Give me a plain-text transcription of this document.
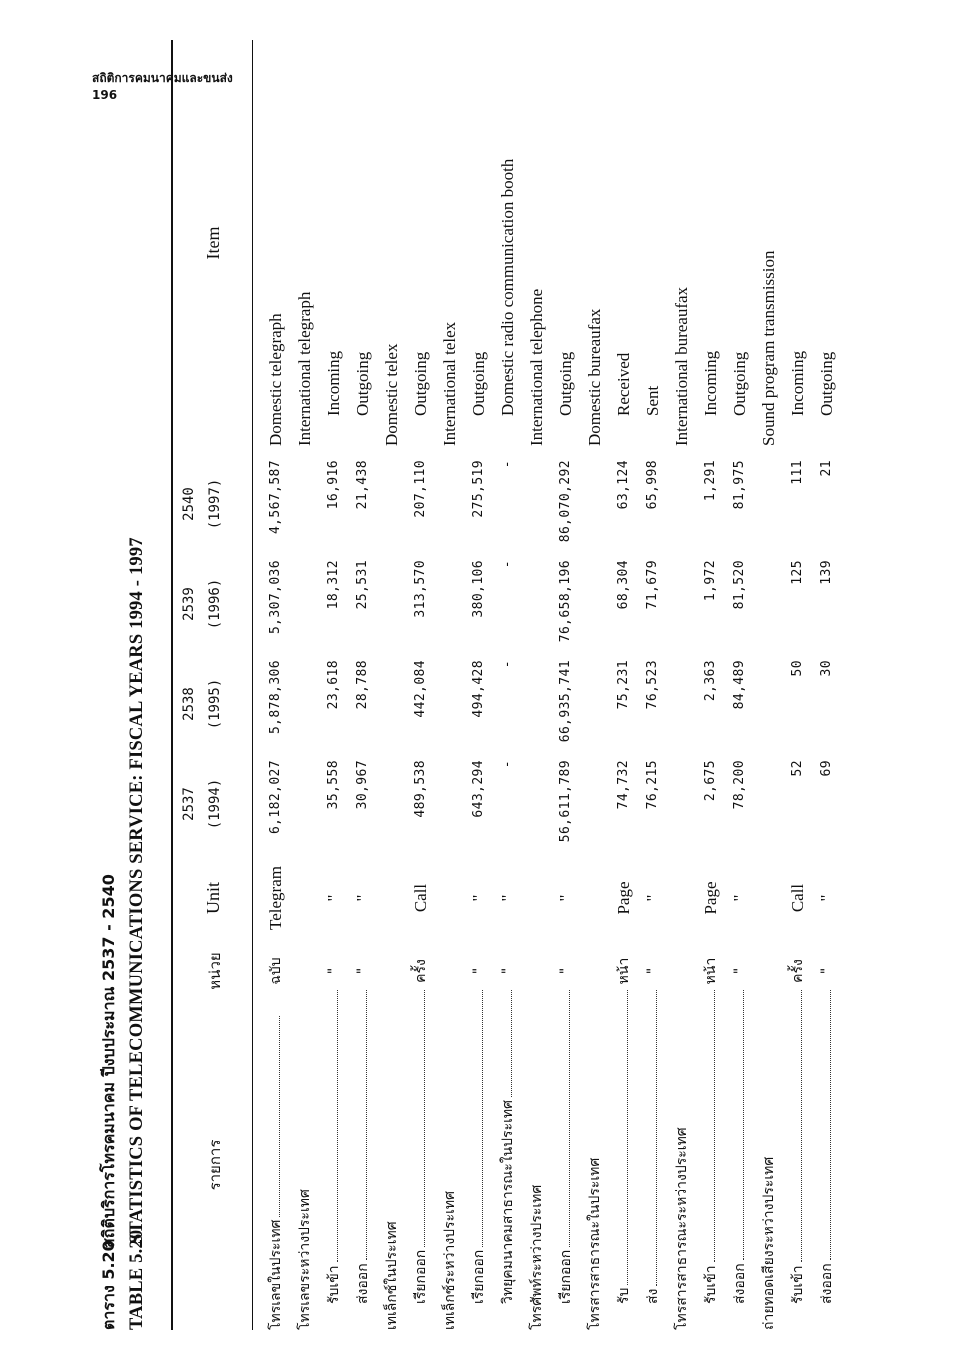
สถิติการคมนาคมและขนส่ง
196
ตาราง 5.20สถิติบริการโทรคมนาคม ปีงบประมาณ 2537 - 2540
TABLE 5.20STATISTICS OF TELECOMMUNICATIONS SERVICE: FISCAL YEARS 1994 - 1997	รายการ
หน่วย
Unit
2537 (1994)
2538 (1995)
2539 (1996)
2540 (1997)
Item
โทรเลขในประเทศ
ฉบับ
Telegram
6,182,027
5,878,306
5,307,036
4,567,587
Domestic telegraph
โทรเลขระหว่างประเทศ
International telegraph
รับเข้า
"
"
35,558
23,618
18,312
16,916
Incoming
ส่งออก
"
"
30,967
28,788
25,531
21,438
Outgoing
เทเล็กซ์ในประเทศ
Domestic telex
เรียกออก
ครั้ง
Call
489,538
442,084
313,570
207,110
Outgoing
เทเล็กซ์ระหว่างประเทศ
International telex
เรียกออก
"
"
643,294
494,428
380,106
275,519
Outgoing
วิทยุคมนาคมสาธารณะในประเทศ
"
"
-
-
-
-
Domestic radio communication booth
โทรศัพท์ระหว่างประเทศ
International telephone
เรียกออก
"
"
56,611,789
66,935,741
76,658,196
86,070,292
Outgoing
โทรสารสาธารณะในประเทศ
Domestic bureaufax
รับ
หน้า
Page
74,732
75,231
68,304
63,124
Received
ส่ง
"
"
76,215
76,523
71,679
65,998
Sent
โทรสารสาธารณะระหว่างประเทศ
International bureaufax
รับเข้า
หน้า
Page
2,675
2,363
1,972
1,291
Incoming
ส่งออก
"
"
78,200
84,489
81,520
81,975
Outgoing
ถ่ายทอดเสียงระหว่างประเทศ
Sound program transmission
รับเข้า
ครั้ง
Call
52
50
125
111
Incoming
ส่งออก
"
"
69
30
139
21
Outgoing
